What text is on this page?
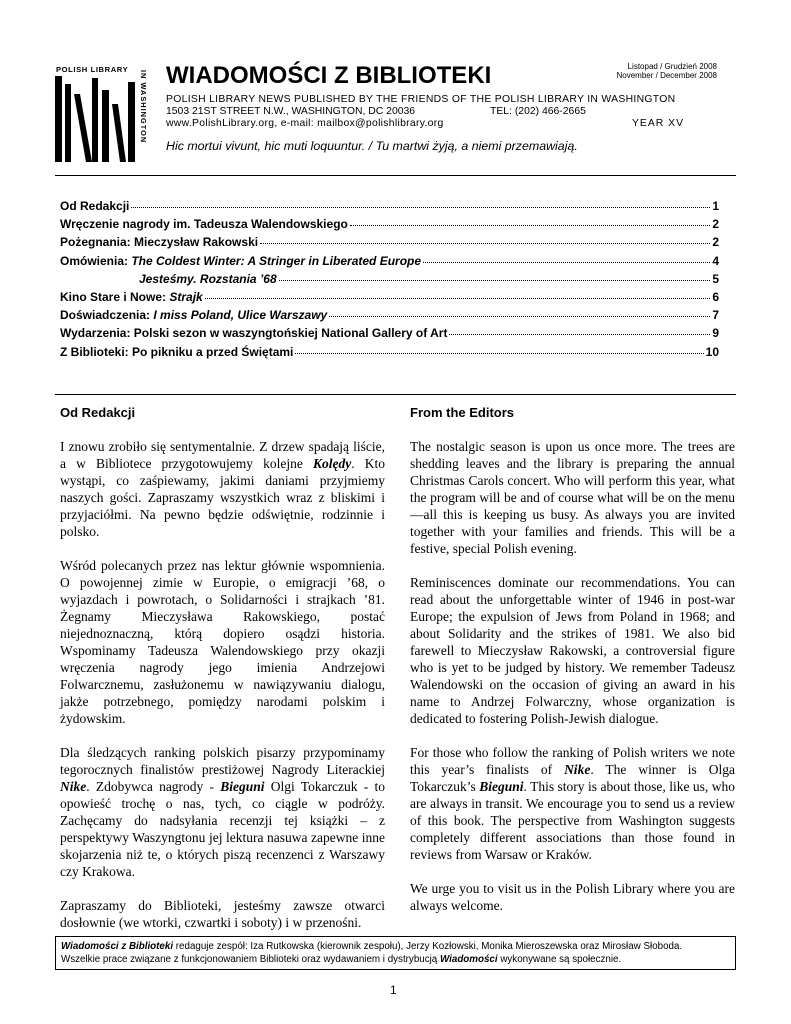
POLISH LIBRARY
IN WASHINGTON WIADOMOŚCI Z BIBLIOTEKI	Listopad / Grudzień 2008
November / December 2008
POLISH LIBRARY NEWS PUBLISHED BY THE FRIENDS OF THE POLISH LIBRARY IN WASHINGTON
1503 21ST STREET N.W., WASHINGTON, DC 20036	TEL: (202) 466-2665
www.PolishLibrary.org, e-mail: mailbox@polishlibrary.org	YEAR XV
Hic mortui vivunt, hic muti loquuntur. / Tu martwi żyją, a niemi przemawiają.
Od Redakcji	1
Wręczenie nagrody im. Tadeusza Walendowskiego	2
Pożegnania: Mieczysław Rakowski	2
Omówienia: The Coldest Winter: A Stringer in Liberated Europe	4
Jesteśmy. Rozstania ’68	5
Kino Stare i Nowe: Strajk	6
Doświadczenia: I miss Poland, Ulice Warszawy	7
Wydarzenia: Polski sezon w waszyngtońskiej National Gallery of Art	9
Z Biblioteki: Po pikniku a przed Świętami	10
Od Redakcji

I znowu zrobiło się sentymentalnie. Z drzew spadają liście, a w Bibliotece przygotowujemy kolejne Kolędy. Kto wystąpi, co zaśpiewamy, jakimi daniami przyjmiemy naszych gości. Zapraszamy wszystkich wraz z bliskimi i przyjaciółmi. Na pewno będzie odświętnie, rodzinnie i polsko.

Wśród polecanych przez nas lektur głównie wspomnienia. O powojennej zimie w Europie, o emigracji ’68, o wyjazdach i powrotach, o Solidarności i strajkach ’81. Żegnamy Mieczysława Rakowskiego, postać niejednoznaczną, którą dopiero osądzi historia. Wspominamy Tadeusza Walendowskiego przy okazji wręczenia nagrody jego imienia Andrzejowi Folwarcznemu, zasłużonemu w nawiązywaniu dialogu, jakże potrzebnego, pomiędzy narodami polskim i żydowskim.

Dla śledzących ranking polskich pisarzy przypominamy tegorocznych finalistów prestiżowej Nagrody Literackiej Nike. Zdobywca nagrody - Bieguni Olgi Tokarczuk - to opowieść trochę o nas, tych, co ciągle w podróży. Zachęcamy do nadsyłania recenzji tej książki – z perspektywy Waszyngtonu jej lektura nasuwa zapewne inne skojarzenia niż te, o których piszą recenzenci z Warszawy czy Krakowa.

Zapraszamy do Biblioteki, jesteśmy zawsze otwarci dosłownie (we wtorki, czwartki i soboty) i w przenośni.

From the Editors

The nostalgic season is upon us once more. The trees are shedding leaves and the library is preparing the annual Christmas Carols concert. Who will perform this year, what the program will be and of course what will be on the menu—all this is keeping us busy. As always you are invited together with your families and friends. This will be a festive, special Polish evening.

Reminiscences dominate our recommendations. You can read about the unforgettable winter of 1946 in post-war Europe; the expulsion of Jews from Poland in 1968; and about Solidarity and the strikes of 1981. We also bid farewell to Mieczysław Rakowski, a controversial figure who is yet to be judged by history. We remember Tadeusz Walendowski on the occasion of giving an award in his name to Andrzej Folwarczny, whose organization is dedicated to fostering Polish-Jewish dialogue.

For those who follow the ranking of Polish writers we note this year’s finalists of Nike. The winner is Olga Tokarczuk’s Bieguni. This story is about those, like us, who are always in transit. We encourage you to send us a review of this book. The perspective from Washington suggests completely different associations than those found in reviews from Warsaw or Kraków.

We urge you to visit us in the Polish Library where you are always welcome.

Wiadomości z Biblioteki redaguje zespół: Iza Rutkowska (kierownik zespołu), Jerzy Kozłowski, Monika Mieroszewska oraz Mirosław Słoboda.
Wszelkie prace związane z funkcjonowaniem Biblioteki oraz wydawaniem i dystrybucją Wiadomości wykonywane są społecznie.
1
